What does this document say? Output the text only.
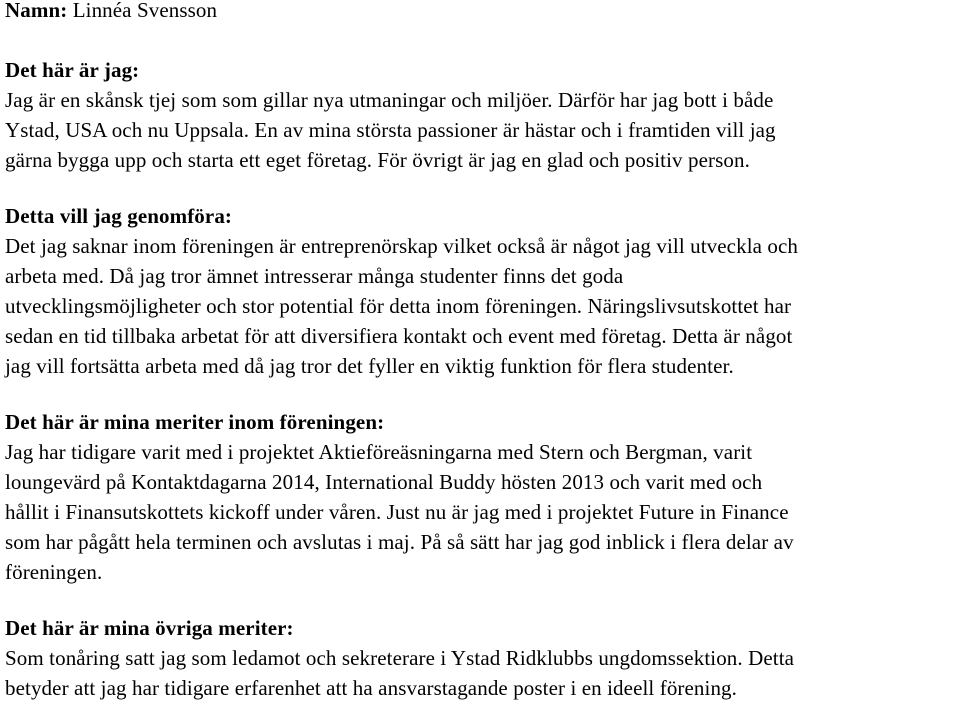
Namn: Linnéa Svensson
Det här är jag:
Jag är en skånsk tjej som som gillar nya utmaningar och miljöer. Därför har jag bott i både
Ystad, USA och nu Uppsala. En av mina största passioner är hästar och i framtiden vill jag
gärna bygga upp och starta ett eget företag. För övrigt är jag en glad och positiv person.
Detta vill jag genomföra:
Det jag saknar inom föreningen är entreprenörskap vilket också är något jag vill utveckla och
arbeta med. Då jag tror ämnet intresserar många studenter finns det goda
utvecklingsmöjligheter och stor potential för detta inom föreningen. Näringslivsutskottet har
sedan en tid tillbaka arbetat för att diversifiera kontakt och event med företag. Detta är något
jag vill fortsätta arbeta med då jag tror det fyller en viktig funktion för flera studenter.
Det här är mina meriter inom föreningen:
Jag har tidigare varit med i projektet Aktieföreäsningarna med Stern och Bergman, varit
loungevärd på Kontaktdagarna 2014, International Buddy hösten 2013 och varit med och
hållit i Finansutskottets kickoff under våren. Just nu är jag med i projektet Future in Finance
som har pågått hela terminen och avslutas i maj. På så sätt har jag god inblick i flera delar av
föreningen.
Det här är mina övriga meriter:
Som tonåring satt jag som ledamot och sekreterare i Ystad Ridklubbs ungdomssektion. Detta
betyder att jag har tidigare erfarenhet att ha ansvarstagande poster i en ideell förening.
